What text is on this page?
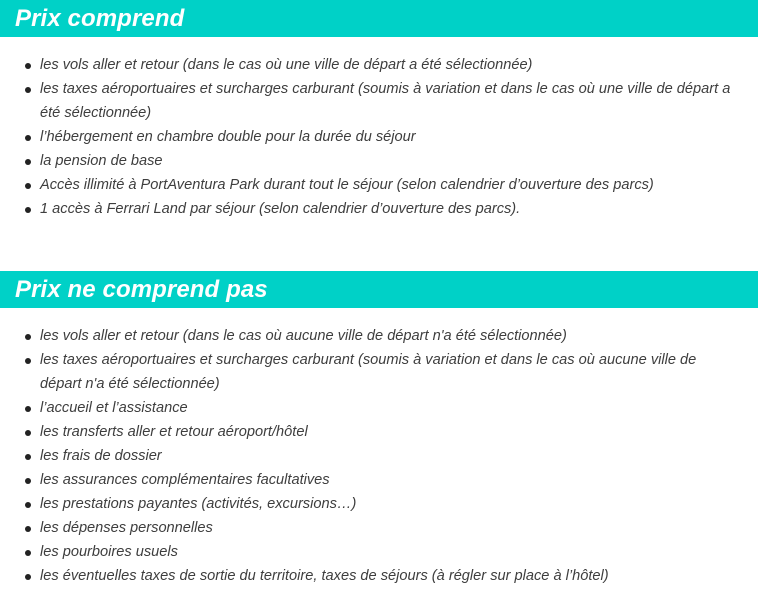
Prix comprend
les vols aller et retour (dans le cas où une ville de départ a été sélectionnée)
les taxes aéroportuaires et surcharges carburant (soumis à variation et dans le cas où une ville de départ a été sélectionnée)
l’hébergement en chambre double pour la durée du séjour
la pension de base
Accès illimité à PortAventura Park durant tout le séjour (selon calendrier d’ouverture des parcs)
1 accès à Ferrari Land par séjour (selon calendrier d’ouverture des parcs).
Prix ne comprend pas
les vols aller et retour (dans le cas où aucune ville de départ n'a été sélectionnée)
les taxes aéroportuaires et surcharges carburant (soumis à variation et dans le cas où aucune ville de départ n'a été sélectionnée)
l’accueil et l’assistance
les transferts aller et retour aéroport/hôtel
les frais de dossier
les assurances complémentaires facultatives
les prestations payantes (activités, excursions…)
les dépenses personnelles
les pourboires usuels
les éventuelles taxes de sortie du territoire, taxes de séjours (à régler sur place à l’hôtel)
